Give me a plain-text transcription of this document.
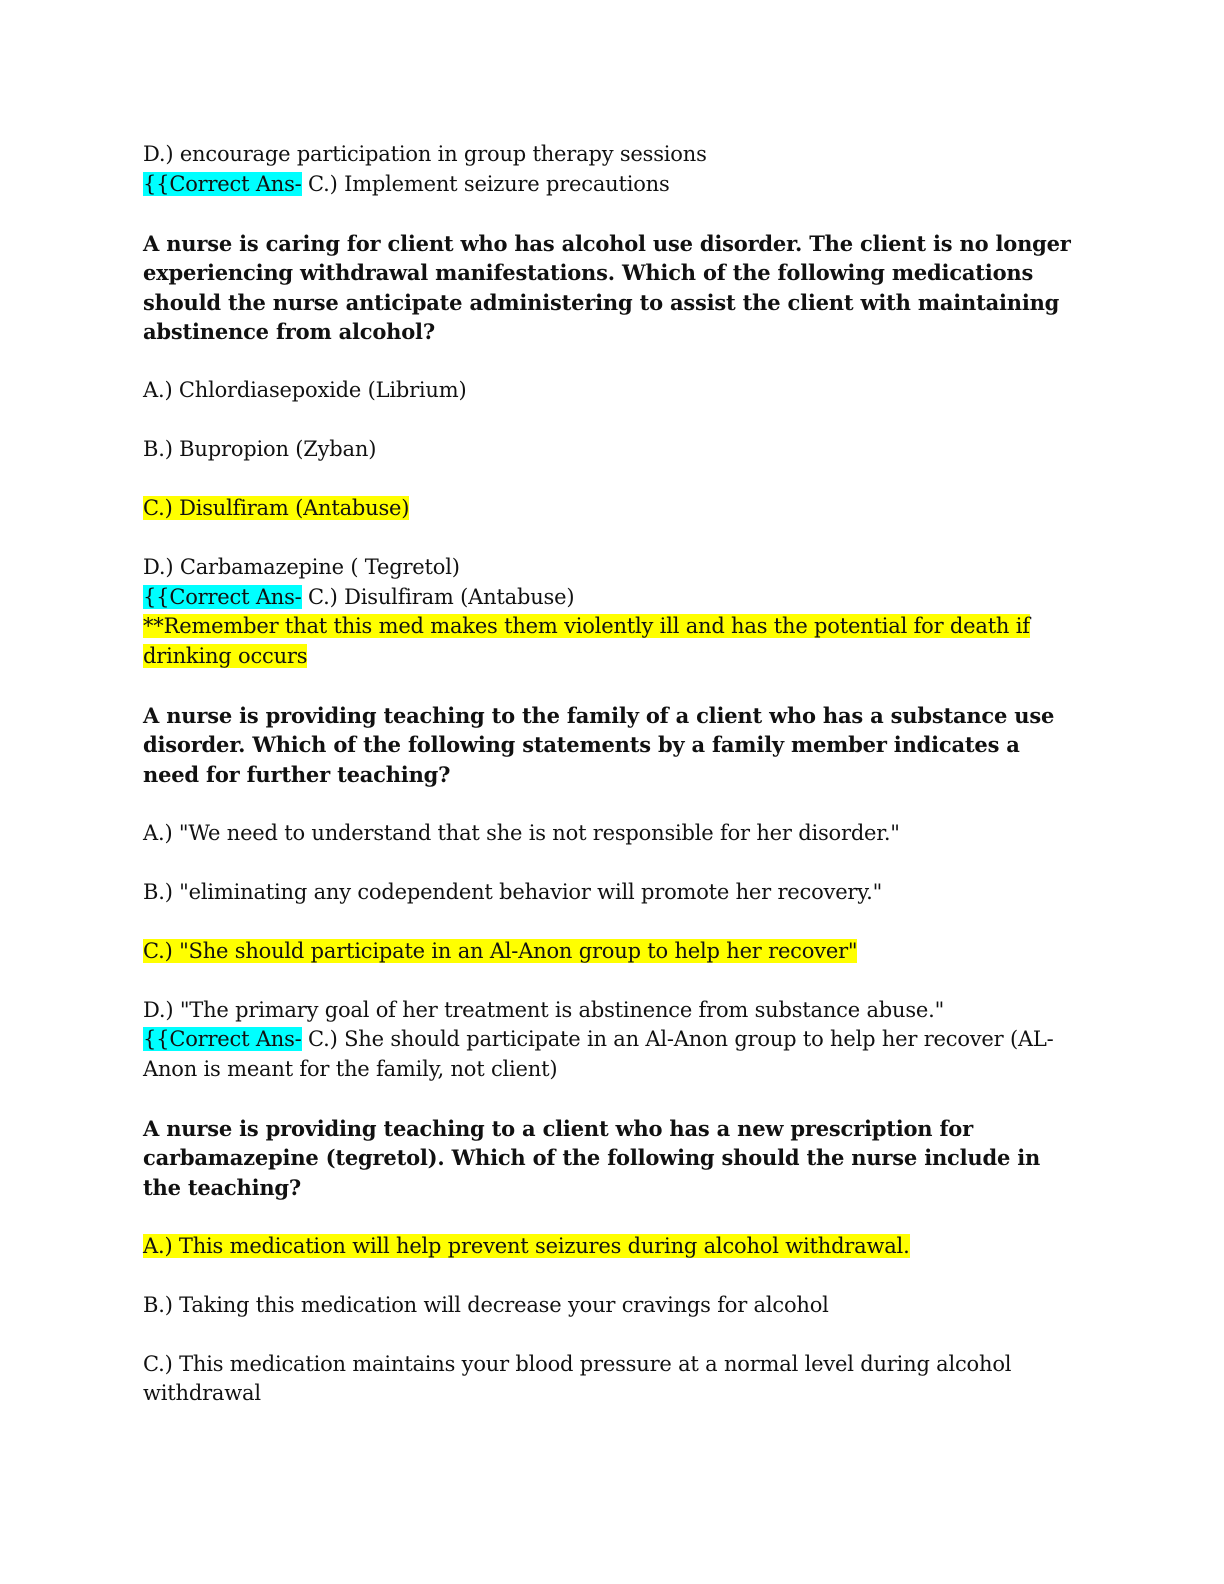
D.) encourage participation in group therapy sessions
{{Correct Ans- C.) Implement seizure precautions
A nurse is caring for client who has alcohol use disorder. The client is no longer experiencing withdrawal manifestations. Which of the following medications should the nurse anticipate administering to assist the client with maintaining abstinence from alcohol?
A.) Chlordiasepoxide (Librium)
B.) Bupropion (Zyban)
C.) Disulfiram (Antabuse)
D.) Carbamazepine ( Tegretol)
{{Correct Ans- C.) Disulfiram (Antabuse)
**Remember that this med makes them violently ill and has the potential for death if drinking occurs
A nurse is providing teaching to the family of a client who has a substance use disorder. Which of the following statements by a family member indicates a need for further teaching?
A.) "We need to understand that she is not responsible for her disorder."
B.) "eliminating any codependent behavior will promote her recovery."
C.) "She should participate in an Al-Anon group to help her recover"
D.) "The primary goal of her treatment is abstinence from substance abuse."
{{Correct Ans- C.) She should participate in an Al-Anon group to help her recover (AL-Anon is meant for the family, not client)
A nurse is providing teaching to a client who has a new prescription for carbamazepine (tegretol). Which of the following should the nurse include in the teaching?
A.) This medication will help prevent seizures during alcohol withdrawal.
B.) Taking this medication will decrease your cravings for alcohol
C.) This medication maintains your blood pressure at a normal level during alcohol withdrawal
